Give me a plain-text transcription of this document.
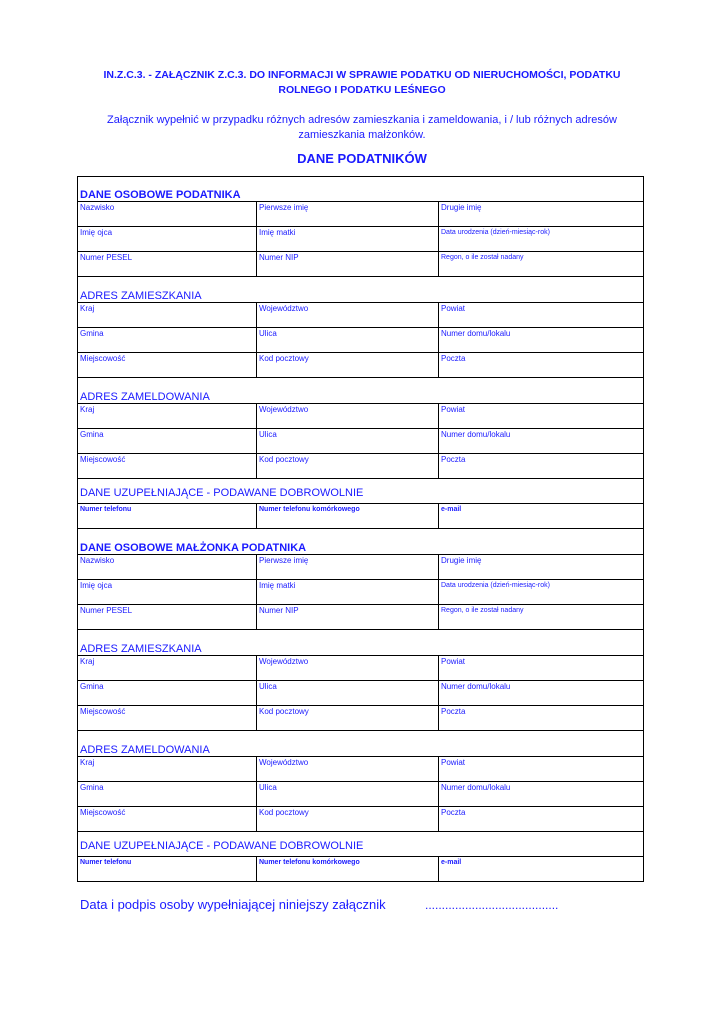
IN.Z.C.3. - ZAŁĄCZNIK Z.C.3. DO INFORMACJI W SPRAWIE PODATKU OD NIERUCHOMOŚCI, PODATKU
ROLNEGO I PODATKU LEŚNEGO
Załącznik wypełnić w przypadku różnych adresów zamieszkania i zameldowania, i / lub różnych adresów
zamieszkania małżonków.
DANE PODATNIKÓW
DANE OSOBOWE PODATNIKA
Nazwisko	Pierwsze imię	Drugie imię
Imię ojca	Imię matki	Data urodzenia (dzień-miesiąc-rok)
Numer PESEL	Numer NIP	Regon, o ile został nadany
ADRES ZAMIESZKANIA
Kraj	Województwo	Powiat
Gmina	Ulica	Numer domu/lokalu
Miejscowość	Kod pocztowy	Poczta
ADRES ZAMELDOWANIA
Kraj	Województwo	Powiat
Gmina	Ulica	Numer domu/lokalu
Miejscowość	Kod pocztowy	Poczta
DANE UZUPEŁNIAJĄCE - PODAWANE DOBROWOLNIE
Numer telefonu	Numer telefonu komórkowego	e-mail
DANE OSOBOWE MAŁŻONKA PODATNIKA
Nazwisko	Pierwsze imię	Drugie imię
Imię ojca	Imię matki	Data urodzenia (dzień-miesiąc-rok)
Numer PESEL	Numer NIP	Regon, o ile został nadany
ADRES ZAMIESZKANIA
Kraj	Województwo	Powiat
Gmina	Ulica	Numer domu/lokalu
Miejscowość	Kod pocztowy	Poczta
ADRES ZAMELDOWANIA
Kraj	Województwo	Powiat
Gmina	Ulica	Numer domu/lokalu
Miejscowość	Kod pocztowy	Poczta
DANE UZUPEŁNIAJĄCE - PODAWANE DOBROWOLNIE
Numer telefonu	Numer telefonu komórkowego	e-mail
Data i podpis osoby wypełniającej niniejszy załącznik	........................................
